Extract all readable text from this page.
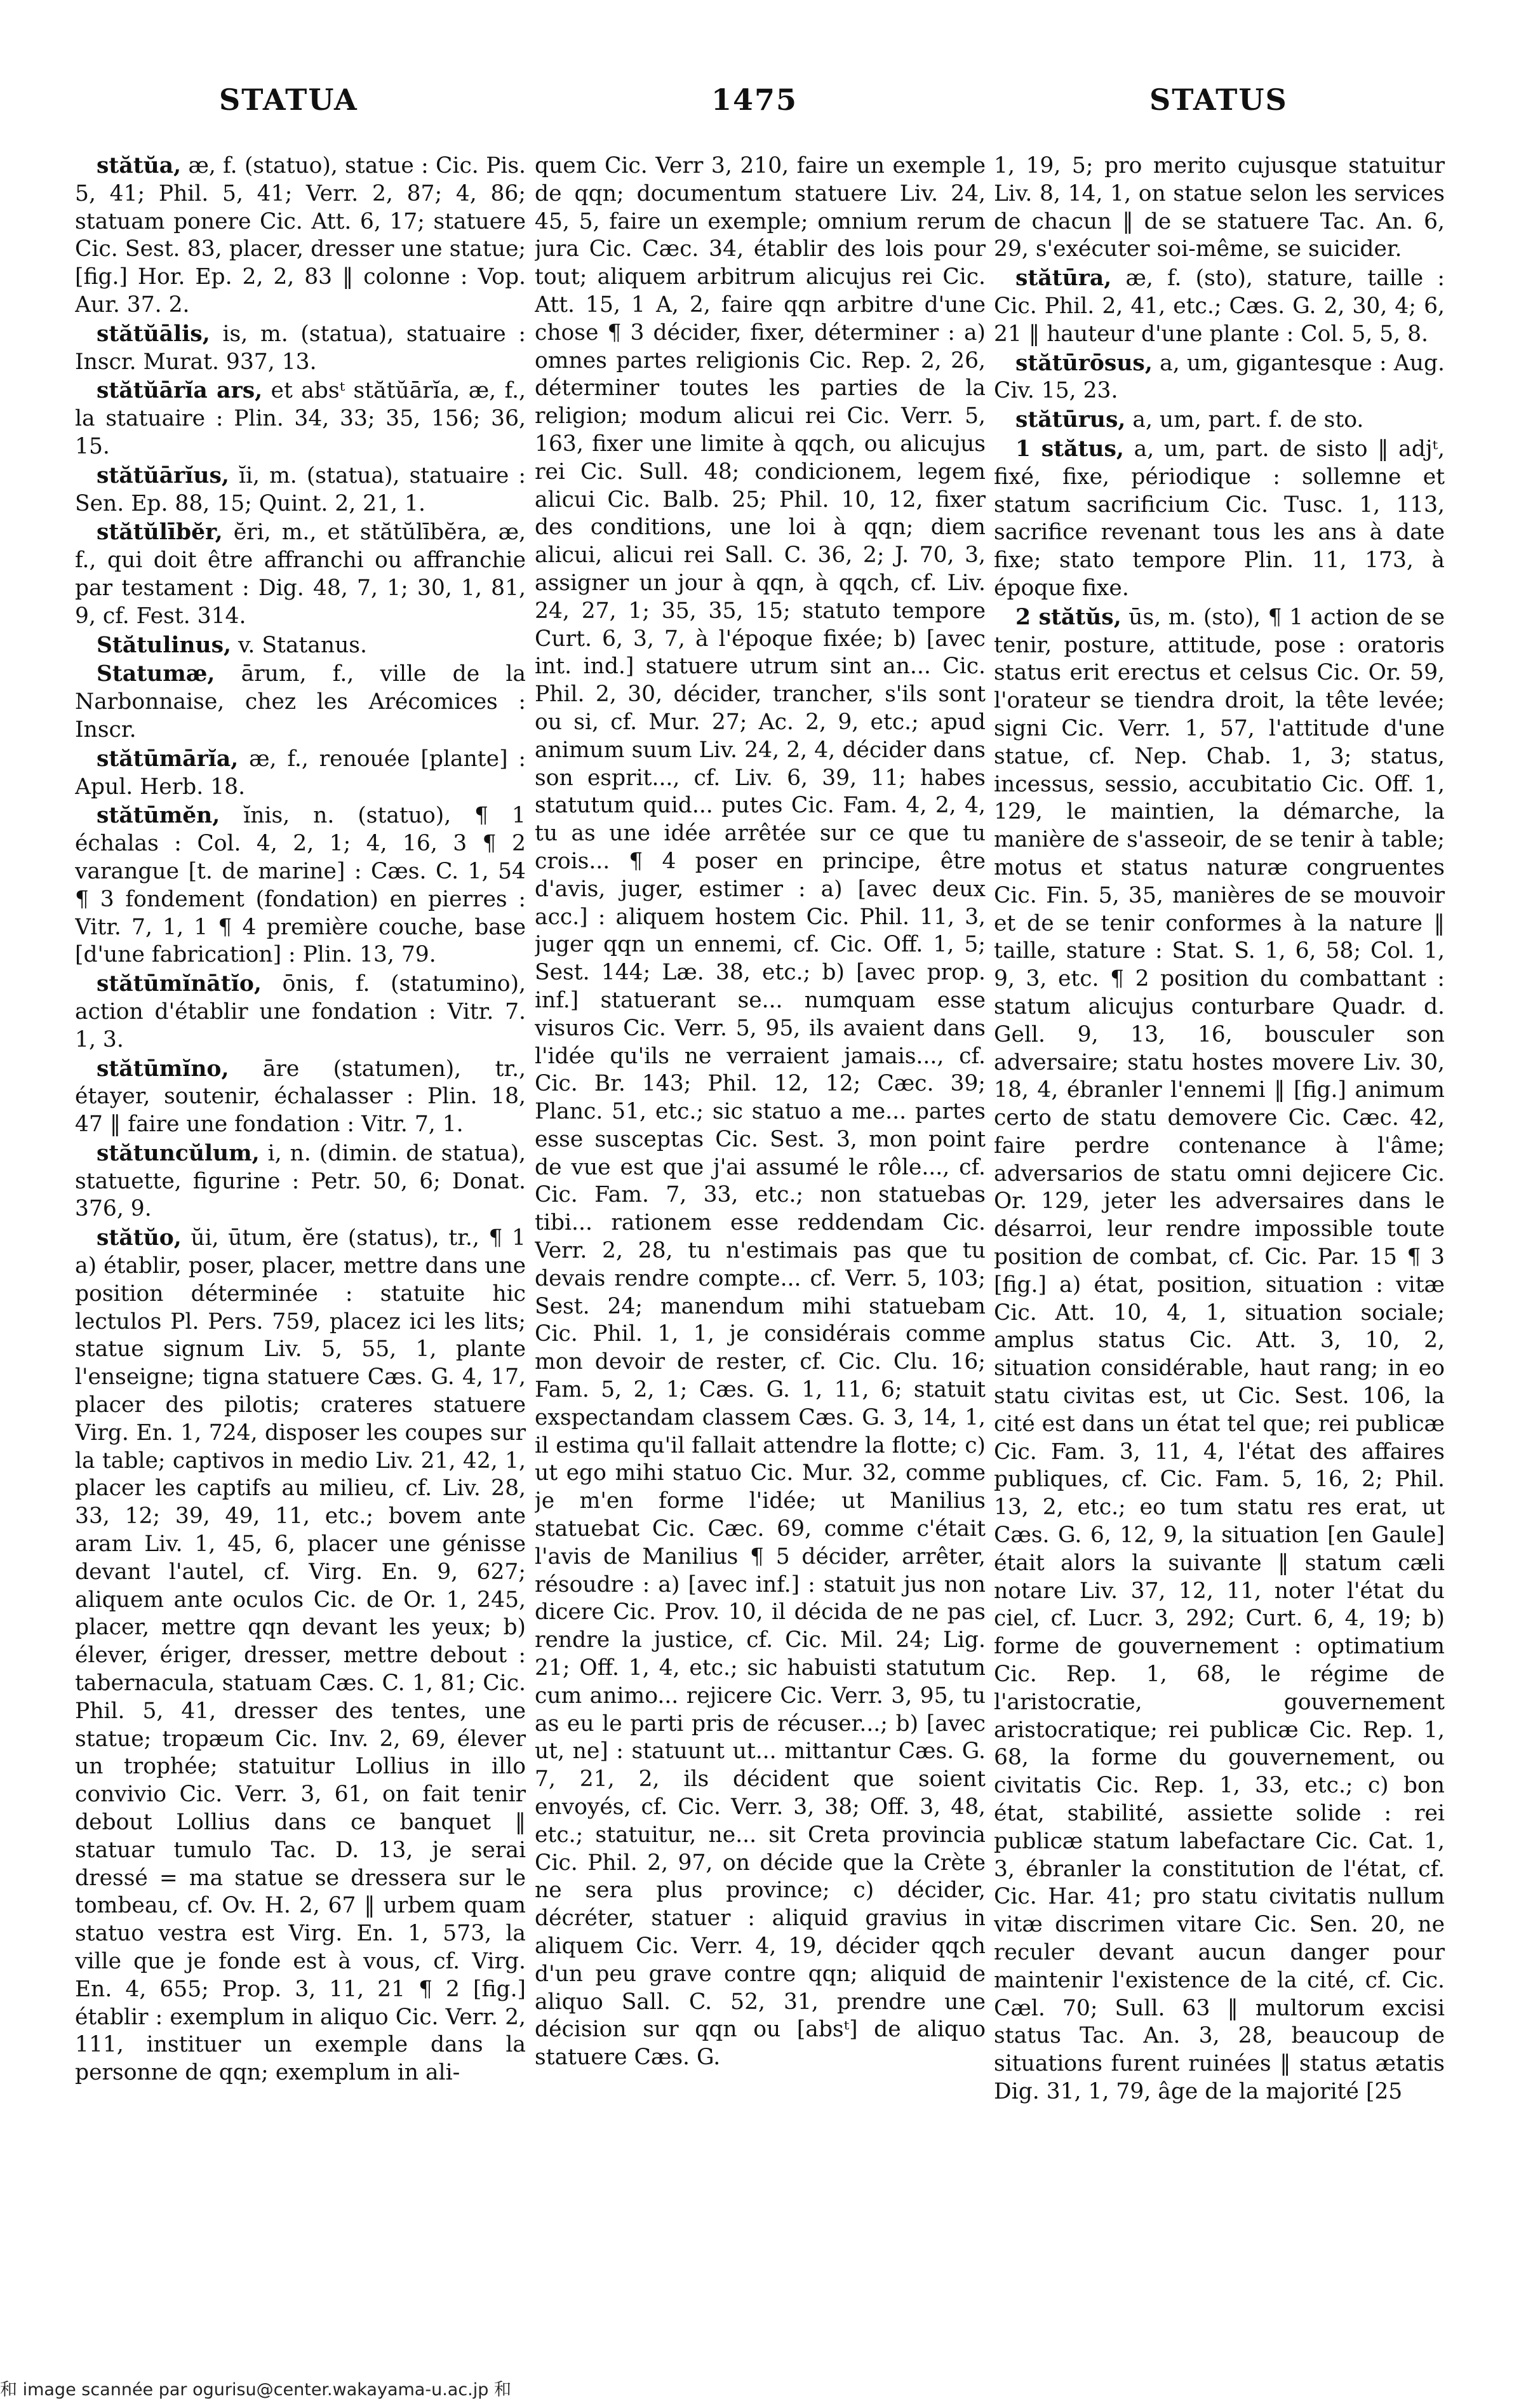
STATUA	1475	STATUS

stătŭa, æ, f. (statuo), statue : Cic. Pis. 5, 41; Phil. 5, 41; Verr. 2, 87; 4, 86; statuam ponere Cic. Att. 6, 17; statuere Cic. Sest. 83, placer, dresser une statue; [fig.] Hor. Ep. 2, 2, 83 ‖ colonne : Vop. Aur. 37. 2.

stătŭālis, is, m. (statua), statuaire : Inscr. Murat. 937, 13.

stătŭārĭa ars, et absᵗ stătŭārĭa, æ, f., la statuaire : Plin. 34, 33; 35, 156; 36, 15.

stătŭārĭus, ĭi, m. (statua), statuaire : Sen. Ep. 88, 15; Quint. 2, 21, 1.

stătŭlībĕr, ĕri, m., et stătŭlībĕra, æ, f., qui doit être affranchi ou affranchie par testament : Dig. 48, 7, 1; 30, 1, 81, 9, cf. Fest. 314.

Stătulinus, v. Statanus.

Statumæ, ārum, f., ville de la Narbonnaise, chez les Arécomices : Inscr.

stătūmārĭa, æ, f., renouée [plante] : Apul. Herb. 18.

stătūmĕn, ĭnis, n. (statuo), ¶ 1 échalas : Col. 4, 2, 1; 4, 16, 3 ¶ 2 varangue [t. de marine] : Cæs. C. 1, 54 ¶ 3 fondement (fondation) en pierres : Vitr. 7, 1, 1 ¶ 4 première couche, base [d'une fabrication] : Plin. 13, 79.

stătūmĭnātĭo, ōnis, f. (statumino), action d'établir une fondation : Vitr. 7. 1, 3.

stătūmĭno, āre (statumen), tr., étayer, soutenir, échalasser : Plin. 18, 47 ‖ faire une fondation : Vitr. 7, 1.

stătuncŭlum, i, n. (dimin. de statua), statuette, figurine : Petr. 50, 6; Donat. 376, 9.

stătŭo, ŭi, ūtum, ĕre (status), tr., ¶ 1 a) établir, poser, placer, mettre dans une position déterminée : statuite hic lectulos Pl. Pers. 759, placez ici les lits; statue signum Liv. 5, 55, 1, plante l'enseigne; tigna statuere Cæs. G. 4, 17, placer des pilotis; crateres statuere Virg. En. 1, 724, disposer les coupes sur la table; captivos in medio Liv. 21, 42, 1, placer les captifs au milieu, cf. Liv. 28, 33, 12; 39, 49, 11, etc.; bovem ante aram Liv. 1, 45, 6, placer une génisse devant l'autel, cf. Virg. En. 9, 627; aliquem ante oculos Cic. de Or. 1, 245, placer, mettre qqn devant les yeux; b) élever, ériger, dresser, mettre debout : tabernacula, statuam Cæs. C. 1, 81; Cic. Phil. 5, 41, dresser des tentes, une statue; tropæum Cic. Inv. 2, 69, élever un trophée; statuitur Lollius in illo convivio Cic. Verr. 3, 61, on fait tenir debout Lollius dans ce banquet ‖ statuar tumulo Tac. D. 13, je serai dressé = ma statue se dressera sur le tombeau, cf. Ov. H. 2, 67 ‖ urbem quam statuo vestra est Virg. En. 1, 573, la ville que je fonde est à vous, cf. Virg. En. 4, 655; Prop. 3, 11, 21 ¶ 2 [fig.] établir : exemplum in aliquo Cic. Verr. 2, 111, instituer un exemple dans la personne de qqn; exemplum in ali-

quem Cic. Verr 3, 210, faire un exemple de qqn; documentum statuere Liv. 24, 45, 5, faire un exemple; omnium rerum jura Cic. Cæc. 34, établir des lois pour tout; aliquem arbitrum alicujus rei Cic. Att. 15, 1 A, 2, faire qqn arbitre d'une chose ¶ 3 décider, fixer, déterminer : a) omnes partes religionis Cic. Rep. 2, 26, déterminer toutes les parties de la religion; modum alicui rei Cic. Verr. 5, 163, fixer une limite à qqch, ou alicujus rei Cic. Sull. 48; condicionem, legem alicui Cic. Balb. 25; Phil. 10, 12, fixer des conditions, une loi à qqn; diem alicui, alicui rei Sall. C. 36, 2; J. 70, 3, assigner un jour à qqn, à qqch, cf. Liv. 24, 27, 1; 35, 35, 15; statuto tempore Curt. 6, 3, 7, à l'époque fixée; b) [avec int. ind.] statuere utrum sint an... Cic. Phil. 2, 30, décider, trancher, s'ils sont ou si, cf. Mur. 27; Ac. 2, 9, etc.; apud animum suum Liv. 24, 2, 4, décider dans son esprit..., cf. Liv. 6, 39, 11; habes statutum quid... putes Cic. Fam. 4, 2, 4, tu as une idée arrêtée sur ce que tu crois... ¶ 4 poser en principe, être d'avis, juger, estimer : a) [avec deux acc.] : aliquem hostem Cic. Phil. 11, 3, juger qqn un ennemi, cf. Cic. Off. 1, 5; Sest. 144; Læ. 38, etc.; b) [avec prop. inf.] statuerant se... numquam esse visuros Cic. Verr. 5, 95, ils avaient dans l'idée qu'ils ne verraient jamais..., cf. Cic. Br. 143; Phil. 12, 12; Cæc. 39; Planc. 51, etc.; sic statuo a me... partes esse susceptas Cic. Sest. 3, mon point de vue est que j'ai assumé le rôle..., cf. Cic. Fam. 7, 33, etc.; non statuebas tibi... rationem esse reddendam Cic. Verr. 2, 28, tu n'estimais pas que tu devais rendre compte... cf. Verr. 5, 103; Sest. 24; manendum mihi statuebam Cic. Phil. 1, 1, je considérais comme mon devoir de rester, cf. Cic. Clu. 16; Fam. 5, 2, 1; Cæs. G. 1, 11, 6; statuit exspectandam classem Cæs. G. 3, 14, 1, il estima qu'il fallait attendre la flotte; c) ut ego mihi statuo Cic. Mur. 32, comme je m'en forme l'idée; ut Manilius statuebat Cic. Cæc. 69, comme c'était l'avis de Manilius ¶ 5 décider, arrêter, résoudre : a) [avec inf.] : statuit jus non dicere Cic. Prov. 10, il décida de ne pas rendre la justice, cf. Cic. Mil. 24; Lig. 21; Off. 1, 4, etc.; sic habuisti statutum cum animo... rejicere Cic. Verr. 3, 95, tu as eu le parti pris de récuser...; b) [avec ut, ne] : statuunt ut... mittantur Cæs. G. 7, 21, 2, ils décident que soient envoyés, cf. Cic. Verr. 3, 38; Off. 3, 48, etc.; statuitur, ne... sit Creta provincia Cic. Phil. 2, 97, on décide que la Crète ne sera plus province; c) décider, décréter, statuer : aliquid gravius in aliquem Cic. Verr. 4, 19, décider qqch d'un peu grave contre qqn; aliquid de aliquo Sall. C. 52, 31, prendre une décision sur qqn ou [absᵗ] de aliquo statuere Cæs. G.

1, 19, 5; pro merito cujusque statuitur Liv. 8, 14, 1, on statue selon les services de chacun ‖ de se statuere Tac. An. 6, 29, s'exécuter soi-même, se suicider.

stătūra, æ, f. (sto), stature, taille : Cic. Phil. 2, 41, etc.; Cæs. G. 2, 30, 4; 6, 21 ‖ hauteur d'une plante : Col. 5, 5, 8.

stătūrōsus, a, um, gigantesque : Aug. Civ. 15, 23.

stătūrus, a, um, part. f. de sto.

1 stătus, a, um, part. de sisto ‖ adjᵗ, fixé, fixe, périodique : sollemne et statum sacrificium Cic. Tusc. 1, 113, sacrifice revenant tous les ans à date fixe; stato tempore Plin. 11, 173, à époque fixe.

2 stătŭs, ūs, m. (sto), ¶ 1 action de se tenir, posture, attitude, pose : oratoris status erit erectus et celsus Cic. Or. 59, l'orateur se tiendra droit, la tête levée; signi Cic. Verr. 1, 57, l'attitude d'une statue, cf. Nep. Chab. 1, 3; status, incessus, sessio, accubitatio Cic. Off. 1, 129, le maintien, la démarche, la manière de s'asseoir, de se tenir à table; motus et status naturæ congruentes Cic. Fin. 5, 35, manières de se mouvoir et de se tenir conformes à la nature ‖ taille, stature : Stat. S. 1, 6, 58; Col. 1, 9, 3, etc. ¶ 2 position du combattant : statum alicujus conturbare Quadr. d. Gell. 9, 13, 16, bousculer son adversaire; statu hostes movere Liv. 30, 18, 4, ébranler l'ennemi ‖ [fig.] animum certo de statu demovere Cic. Cæc. 42, faire perdre contenance à l'âme; adversarios de statu omni dejicere Cic. Or. 129, jeter les adversaires dans le désarroi, leur rendre impossible toute position de combat, cf. Cic. Par. 15 ¶ 3 [fig.] a) état, position, situation : vitæ Cic. Att. 10, 4, 1, situation sociale; amplus status Cic. Att. 3, 10, 2, situation considérable, haut rang; in eo statu civitas est, ut Cic. Sest. 106, la cité est dans un état tel que; rei publicæ Cic. Fam. 3, 11, 4, l'état des affaires publiques, cf. Cic. Fam. 5, 16, 2; Phil. 13, 2, etc.; eo tum statu res erat, ut Cæs. G. 6, 12, 9, la situation [en Gaule] était alors la suivante ‖ statum cæli notare Liv. 37, 12, 11, noter l'état du ciel, cf. Lucr. 3, 292; Curt. 6, 4, 19; b) forme de gouvernement : optimatium Cic. Rep. 1, 68, le régime de l'aristocratie, gouvernement aristocratique; rei publicæ Cic. Rep. 1, 68, la forme du gouvernement, ou civitatis Cic. Rep. 1, 33, etc.; c) bon état, stabilité, assiette solide : rei publicæ statum labefactare Cic. Cat. 1, 3, ébranler la constitution de l'état, cf. Cic. Har. 41; pro statu civitatis nullum vitæ discrimen vitare Cic. Sen. 20, ne reculer devant aucun danger pour maintenir l'existence de la cité, cf. Cic. Cæl. 70; Sull. 63 ‖ multorum excisi status Tac. An. 3, 28, beaucoup de situations furent ruinées ‖ status ætatis Dig. 31, 1, 79, âge de la majorité [25

和 image scannée par ogurisu@center.wakayama-u.ac.jp 和
